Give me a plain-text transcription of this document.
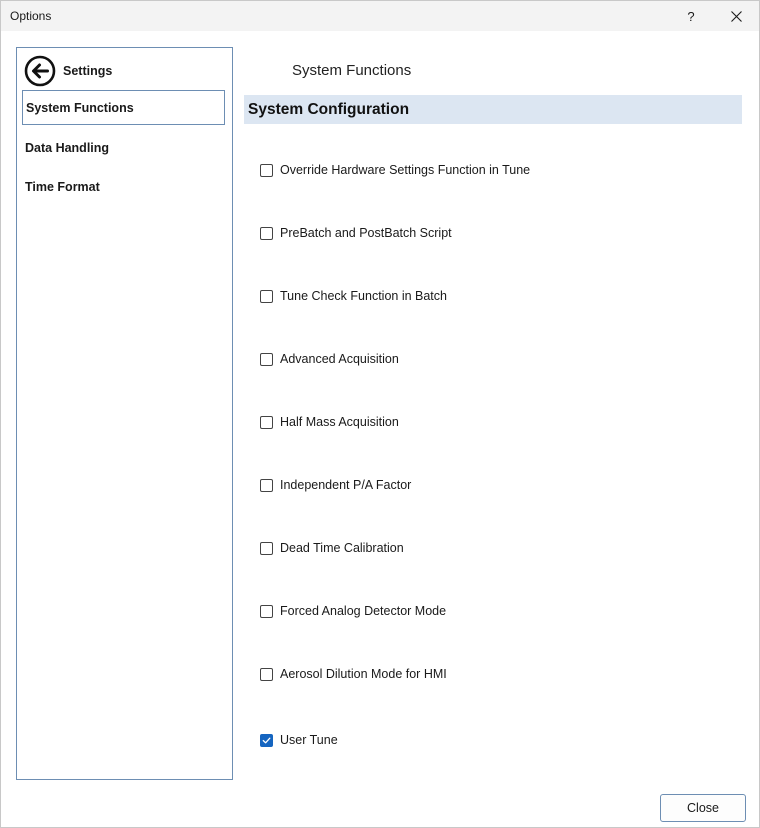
Options	?
Settings
System Functions
Data Handling
Time Format
System Functions
System Configuration
Override Hardware Settings Function in Tune
PreBatch and PostBatch Script
Tune Check Function in Batch
Advanced Acquisition
Half Mass Acquisition
Independent P/A Factor
Dead Time Calibration
Forced Analog Detector Mode
Aerosol Dilution Mode for HMI
User Tune
Close
